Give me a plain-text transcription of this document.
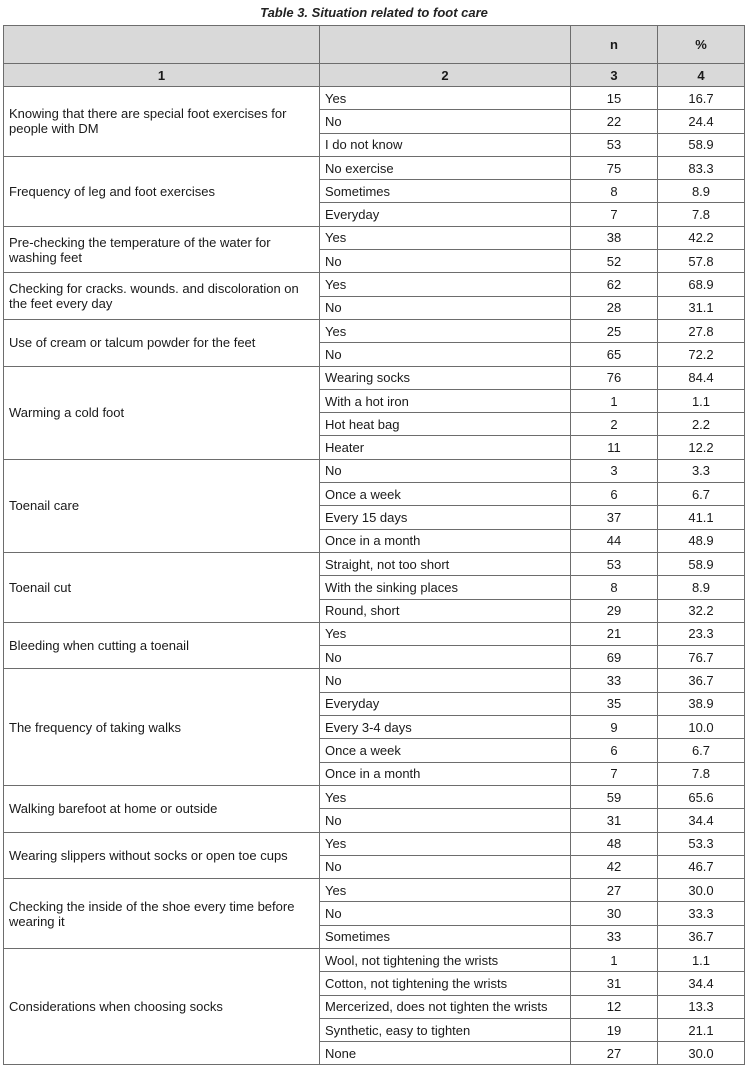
Table 3. Situation related to foot care
		n	%
1	2	3	4
Knowing that there are special foot exercises for people with DM	Yes	15	16.7
	No	22	24.4
	I do not know	53	58.9
Frequency of leg and foot exercises	No exercise	75	83.3
	Sometimes	8	8.9
	Everyday	7	7.8
Pre-checking the temperature of the water for washing feet	Yes	38	42.2
	No	52	57.8
Checking for cracks. wounds. and discoloration on the feet every day	Yes	62	68.9
	No	28	31.1
Use of cream or talcum powder for the feet	Yes	25	27.8
	No	65	72.2
Warming a cold foot	Wearing socks	76	84.4
	With a hot iron	1	1.1
	Hot heat bag	2	2.2
	Heater	11	12.2
Toenail care	No	3	3.3
	Once a week	6	6.7
	Every 15 days	37	41.1
	Once in a month	44	48.9
Toenail cut	Straight, not too short	53	58.9
	With the sinking places	8	8.9
	Round, short	29	32.2
Bleeding when cutting a toenail	Yes	21	23.3
	No	69	76.7
The frequency of taking walks	No	33	36.7
	Everyday	35	38.9
	Every 3-4 days	9	10.0
	Once a week	6	6.7
	Once in a month	7	7.8
Walking barefoot at home or outside	Yes	59	65.6
	No	31	34.4
Wearing slippers without socks or open toe cups	Yes	48	53.3
	No	42	46.7
Checking the inside of the shoe every time before wearing it	Yes	27	30.0
	No	30	33.3
	Sometimes	33	36.7
Considerations when choosing socks	Wool, not tightening the wrists	1	1.1
	Cotton, not tightening the wrists	31	34.4
	Mercerized, does not tighten the wrists	12	13.3
	Synthetic, easy to tighten	19	21.1
	None	27	30.0
